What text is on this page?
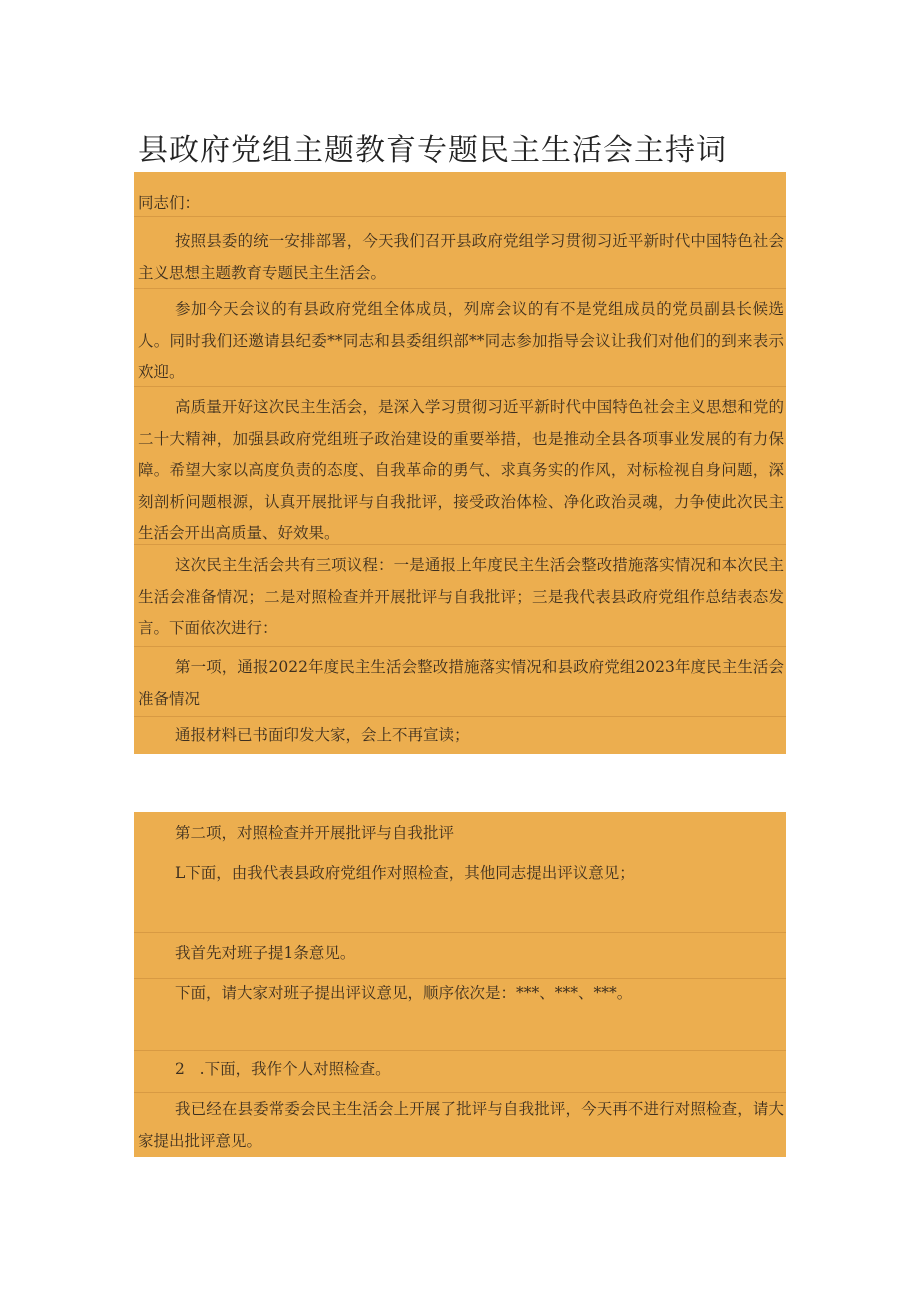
县政府党组主题教育专题民主生活会主持词

同志们：

按照县委的统一安排部署，今天我们召开县政府党组学习贯彻习近平新时代中国特色社会主义思想主题教育专题民主生活会。

参加今天会议的有县政府党组全体成员，列席会议的有不是党组成员的党员副县长候选人。同时我们还邀请县纪委**同志和县委组织部**同志参加指导会议让我们对他们的到来表示欢迎。

高质量开好这次民主生活会，是深入学习贯彻习近平新时代中国特色社会主义思想和党的二十大精神，加强县政府党组班子政治建设的重要举措，也是推动全县各项事业发展的有力保障。希望大家以高度负责的态度、自我革命的勇气、求真务实的作风，对标检视自身问题，深刻剖析问题根源，认真开展批评与自我批评，接受政治体检、净化政治灵魂，力争使此次民主生活会开出高质量、好效果。

这次民主生活会共有三项议程：一是通报上年度民主生活会整改措施落实情况和本次民主生活会准备情况；二是对照检查并开展批评与自我批评；三是我代表县政府党组作总结表态发言。下面依次进行：

第一项，通报2022年度民主生活会整改措施落实情况和县政府党组2023年度民主生活会准备情况

通报材料已书面印发大家，会上不再宣读；

第二项，对照检查并开展批评与自我批评

L下面，由我代表县政府党组作对照检查，其他同志提出评议意见；

我首先对班子提1条意见。

下面，请大家对班子提出评议意见，顺序依次是：***、***、***。

2   .下面，我作个人对照检查。

我已经在县委常委会民主生活会上开展了批评与自我批评，今天再不进行对照检查，请大家提出批评意见。
